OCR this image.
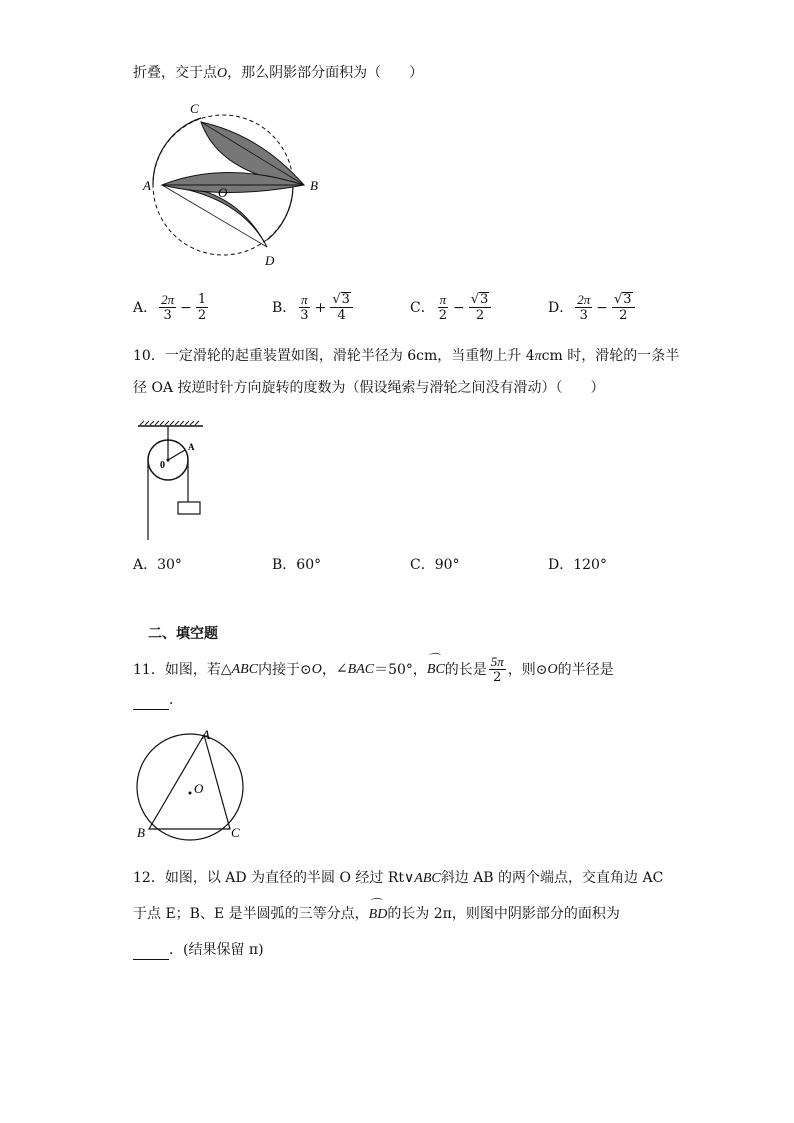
折叠，交于点O，那么阴影部分面积为（　　）
C
A	O	B
D
A． $\frac{2\pi}{3} - \frac{1}{2}$	B． $\frac{\pi}{3} + \frac{√ 3}{4}$	C． $\frac{\pi}{2} - \frac{√ 3}{2}$	D． $\frac{2\pi}{3} - \frac{√ 3}{2}$
10．一定滑轮的起重装置如图，滑轮半径为 6cm，当重物上升 4πcm 时，滑轮的一条半
径 OA 按逆时针方向旋转的度数为（假设绳索与滑轮之间没有滑动）（　　）
0
A
A．30°	B．60°	C．90°	D．120°
二、填空题
11．如图，若 △ABC 内接于⊙ O ， ∠BAC ＝50°，
⌒ BC 的长是 $\frac{5\pi}{2}$ ，则⊙ O 的半径是
．
A
B	C
O
12．如图，以 AD 为直径的半圆 O 经过 Rt∨ABC斜边 AB 的两个端点，交直角边 AC
于点 E；B、E 是半圆弧的三等分点，⌒ BD的长为 2π，则图中阴影部分的面积为
．(结果保留 π)
